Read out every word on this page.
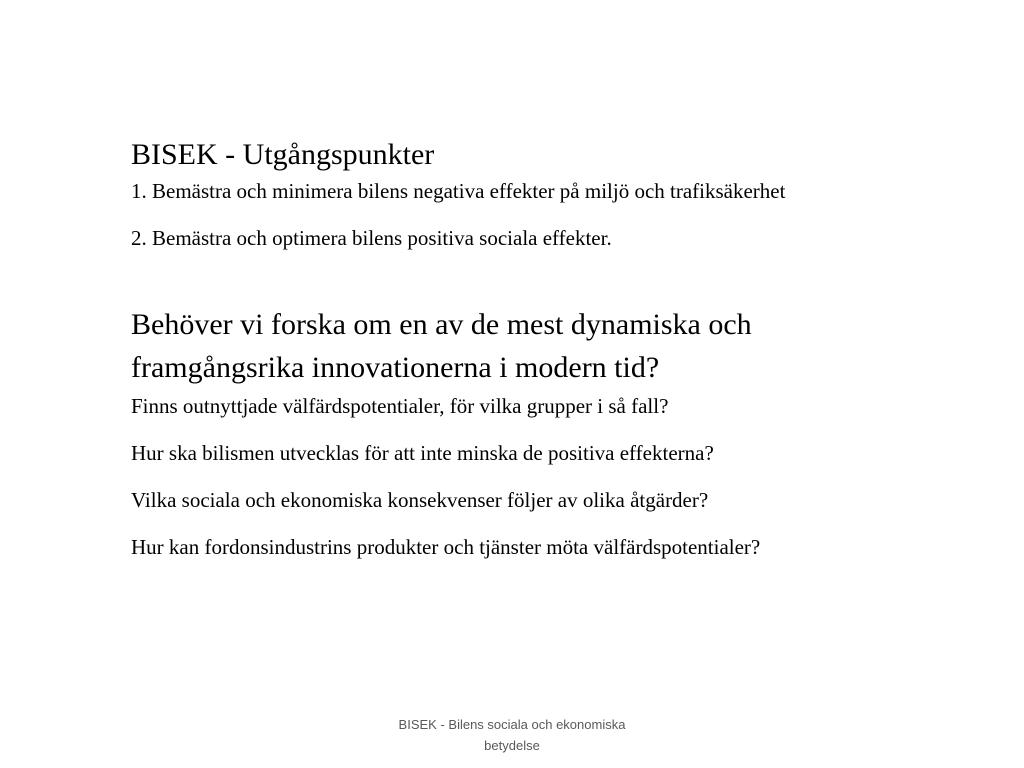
BISEK - Utgångspunkter
1. Bemästra och minimera bilens negativa effekter på miljö och trafiksäkerhet
2. Bemästra och optimera bilens positiva sociala effekter.
Behöver vi forska om en av de mest dynamiska och framgångsrika innovationerna i modern tid?
Finns outnyttjade välfärdspotentialer, för vilka grupper i så fall?
Hur ska bilismen utvecklas för att inte minska de positiva effekterna?
Vilka sociala och ekonomiska konsekvenser följer av olika åtgärder?
Hur kan fordonsindustrins produkter och tjänster möta välfärdspotentialer?
BISEK - Bilens sociala och ekonomiska betydelse
